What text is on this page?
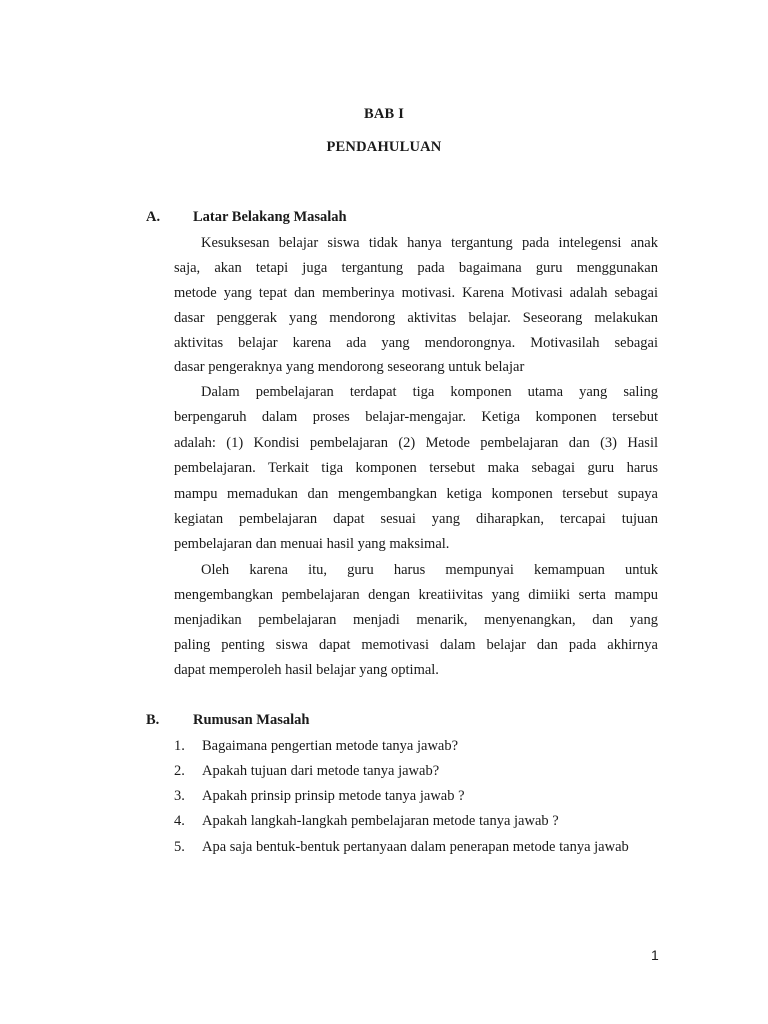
BAB I
PENDAHULUAN
A. Latar Belakang Masalah
Kesuksesan belajar siswa tidak hanya tergantung pada intelegensi anak
saja, akan tetapi juga tergantung pada bagaimana guru menggunakan
metode yang tepat dan memberinya motivasi. Karena Motivasi adalah sebagai
dasar penggerak yang mendorong aktivitas belajar. Seseorang melakukan
aktivitas belajar karena ada yang mendorongnya. Motivasilah sebagai
dasar pengeraknya yang mendorong seseorang untuk belajar
Dalam pembelajaran terdapat tiga komponen utama yang saling
berpengaruh dalam proses belajar-mengajar. Ketiga komponen tersebut
adalah: (1) Kondisi pembelajaran (2) Metode pembelajaran dan (3) Hasil
pembelajaran. Terkait tiga komponen tersebut maka sebagai guru harus
mampu memadukan dan mengembangkan ketiga komponen tersebut supaya
kegiatan pembelajaran dapat sesuai yang diharapkan, tercapai tujuan
pembelajaran dan menuai hasil yang maksimal.
Oleh karena itu, guru harus mempunyai kemampuan untuk
mengembangkan pembelajaran dengan kreatiivitas yang dimiiki serta mampu
menjadikan pembelajaran menjadi menarik, menyenangkan, dan yang
paling penting siswa dapat memotivasi dalam belajar dan pada akhirnya
dapat memperoleh hasil belajar yang optimal.
B. Rumusan Masalah
1. Bagaimana pengertian metode tanya jawab?
2. Apakah tujuan dari metode tanya jawab?
3. Apakah prinsip prinsip metode tanya jawab ?
4. Apakah langkah-langkah pembelajaran metode tanya jawab ?
5. Apa saja bentuk-bentuk pertanyaan dalam penerapan metode tanya jawab
1
